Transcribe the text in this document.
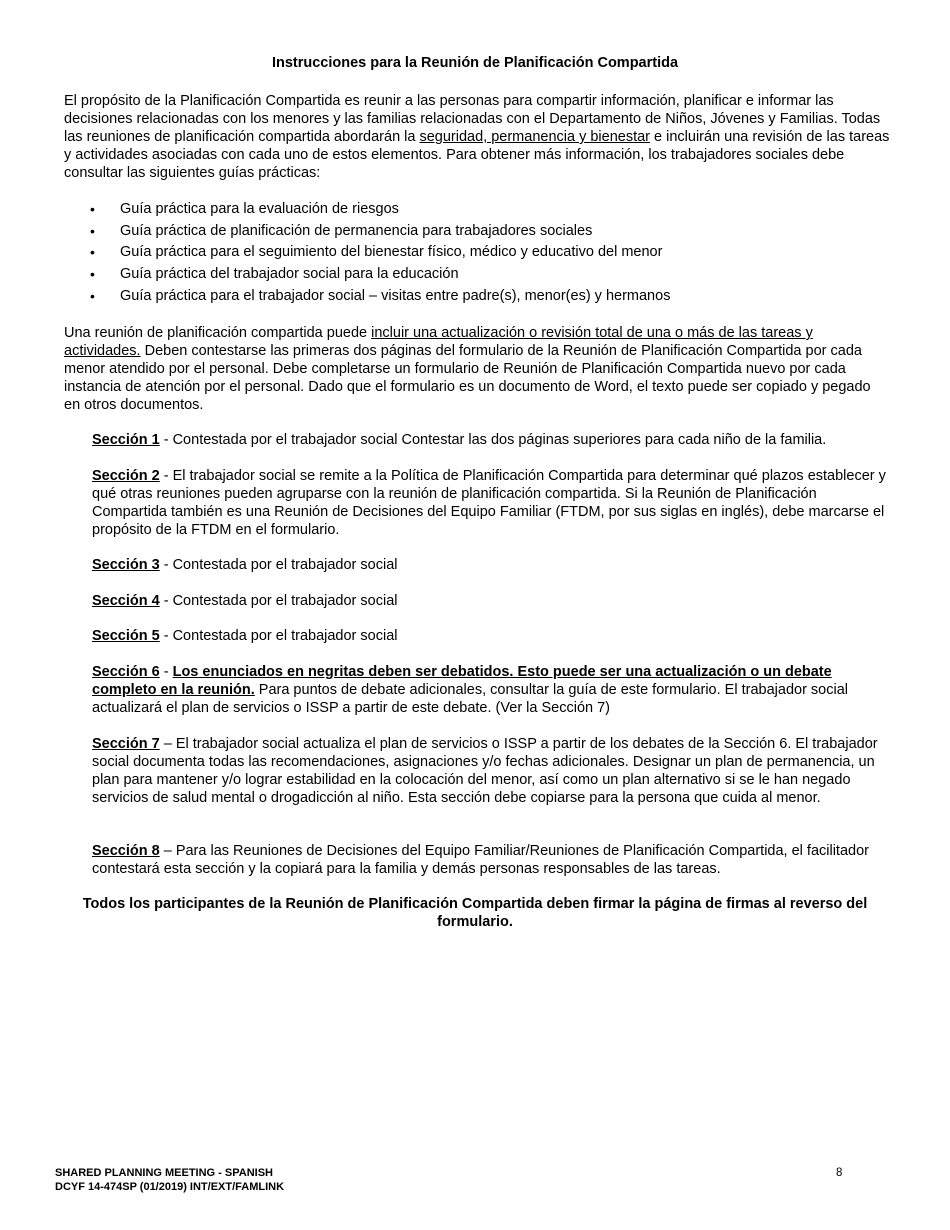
Instrucciones para la Reunión de Planificación Compartida

El propósito de la Planificación Compartida es reunir a las personas para compartir información, planificar e informar las decisiones relacionadas con los menores y las familias relacionadas con el Departamento de Niños, Jóvenes y Familias. Todas las reuniones de planificación compartida abordarán la seguridad, permanencia y bienestar e incluirán una revisión de las tareas y actividades asociadas con cada uno de estos elementos. Para obtener más información, los trabajadores sociales debe consultar las siguientes guías prácticas:

• Guía práctica para la evaluación de riesgos
• Guía práctica de planificación de permanencia para trabajadores sociales
• Guía práctica para el seguimiento del bienestar físico, médico y educativo del menor
• Guía práctica del trabajador social para la educación
• Guía práctica para el trabajador social – visitas entre padre(s), menor(es) y hermanos

Una reunión de planificación compartida puede incluir una actualización o revisión total de una o más de las tareas y actividades. Deben contestarse las primeras dos páginas del formulario de la Reunión de Planificación Compartida por cada menor atendido por el personal. Debe completarse un formulario de Reunión de Planificación Compartida nuevo por cada instancia de atención por el personal. Dado que el formulario es un documento de Word, el texto puede ser copiado y pegado en otros documentos.

Sección 1 - Contestada por el trabajador social Contestar las dos páginas superiores para cada niño de la familia.

Sección 2 - El trabajador social se remite a la Política de Planificación Compartida para determinar qué plazos establecer y qué otras reuniones pueden agruparse con la reunión de planificación compartida. Si la Reunión de Planificación Compartida también es una Reunión de Decisiones del Equipo Familiar (FTDM, por sus siglas en inglés), debe marcarse el propósito de la FTDM en el formulario.

Sección 3 - Contestada por el trabajador social

Sección 4 - Contestada por el trabajador social

Sección 5 - Contestada por el trabajador social

Sección 6 - Los enunciados en negritas deben ser debatidos. Esto puede ser una actualización o un debate completo en la reunión. Para puntos de debate adicionales, consultar la guía de este formulario. El trabajador social actualizará el plan de servicios o ISSP a partir de este debate. (Ver la Sección 7)

Sección 7 – El trabajador social actualiza el plan de servicios o ISSP a partir de los debates de la Sección 6. El trabajador social documenta todas las recomendaciones, asignaciones y/o fechas adicionales. Designar un plan de permanencia, un plan para mantener y/o lograr estabilidad en la colocación del menor, así como un plan alternativo si se le han negado servicios de salud mental o drogadicción al niño. Esta sección debe copiarse para la persona que cuida al menor.

Sección 8 – Para las Reuniones de Decisiones del Equipo Familiar/Reuniones de Planificación Compartida, el facilitador contestará esta sección y la copiará para la familia y demás personas responsables de las tareas.

Todos los participantes de la Reunión de Planificación Compartida deben firmar la página de firmas al reverso del formulario.
SHARED PLANNING MEETING - SPANISH
DCYF 14-474SP (01/2019) INT/EXT/FAMLINK
8
